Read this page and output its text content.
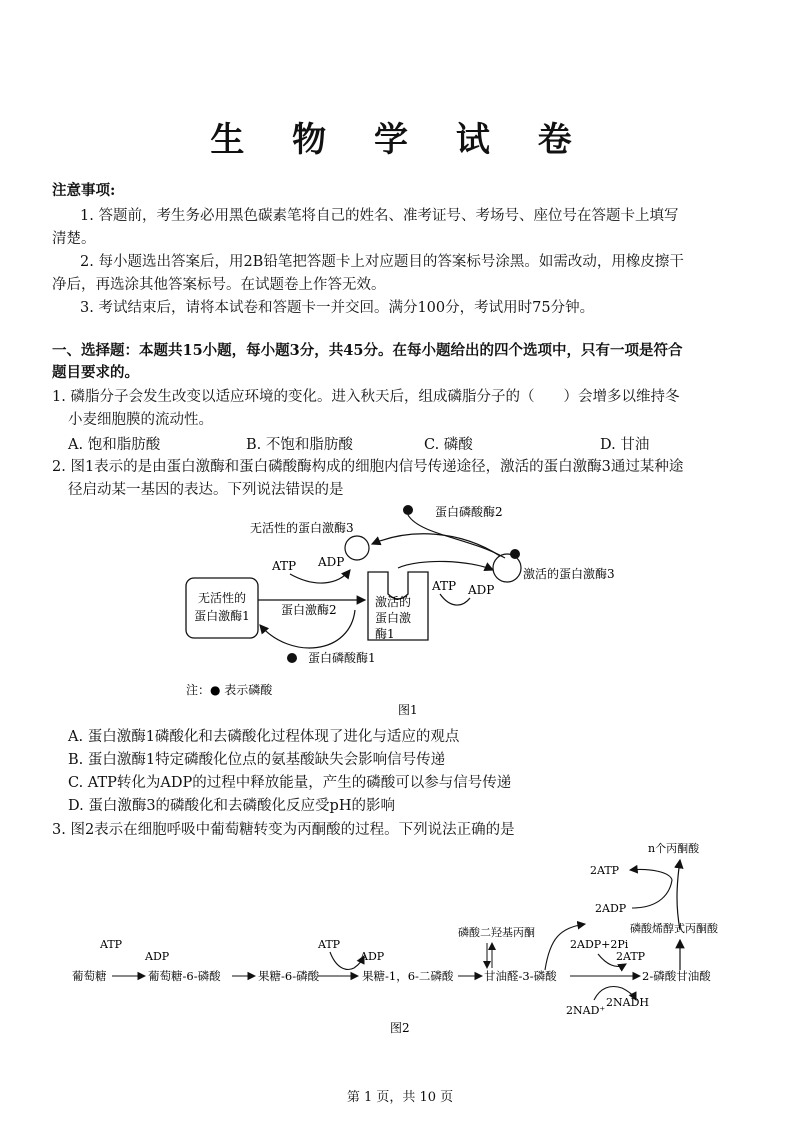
生 物 学 试 卷
注意事项:
1. 答题前，考生务必用黑色碳素笔将自己的姓名、准考证号、考场号、座位号在答题卡上填写
清楚。
2. 每小题选出答案后，用2B铅笔把答题卡上对应题目的答案标号涂黑。如需改动，用橡皮擦干
净后，再选涂其他答案标号。在试题卷上作答无效。
3. 考试结束后，请将本试卷和答题卡一并交回。满分100分，考试用时75分钟。
一、选择题：本题共15小题，每小题3分，共45分。在每小题给出的四个选项中，只有一项是符合
题目要求的。
1. 磷脂分子会发生改变以适应环境的变化。进入秋天后，组成磷脂分子的（　　）会增多以维持冬
小麦细胞膜的流动性。
A. 饱和脂肪酸	B. 不饱和脂肪酸	C. 磷酸	D. 甘油
2. 图1表示的是由蛋白激酶和蛋白磷酸酶构成的细胞内信号传递途径，激活的蛋白激酶3通过某种途
径启动某一基因的表达。下列说法错误的是
蛋白磷酸酶2
无活性的蛋白激酶3
激活的蛋白激酶3
ATP ADP
ATP ADP
无活性的
蛋白激酶1	蛋白激酶2
激活的
蛋白激
酶1
蛋白磷酸酶1
注：● 表示磷酸
图1
A. 蛋白激酶1磷酸化和去磷酸化过程体现了进化与适应的观点
B. 蛋白激酶1特定磷酸化位点的氨基酸缺失会影响信号传递
C. ATP转化为ADP的过程中释放能量，产生的磷酸可以参与信号传递
D. 蛋白激酶3的磷酸化和去磷酸化反应受pH的影响
3. 图2表示在细胞呼吸中葡萄糖转变为丙酮酸的过程。下列说法正确的是
n个丙酮酸
2ATP
2ADP
磷酸烯醇式丙酮酸
ATP
ADP
ATP
ADP
磷酸二羟基丙酮
2ADP+2Pi
2ATP
葡萄糖	葡萄糖-6-磷酸	果糖-6-磷酸	果糖-1，6-二磷酸	甘油醛-3-磷酸	2-磷酸甘油酸
2NAD⁺
2NADH
图2
第 1 页，共 10 页
